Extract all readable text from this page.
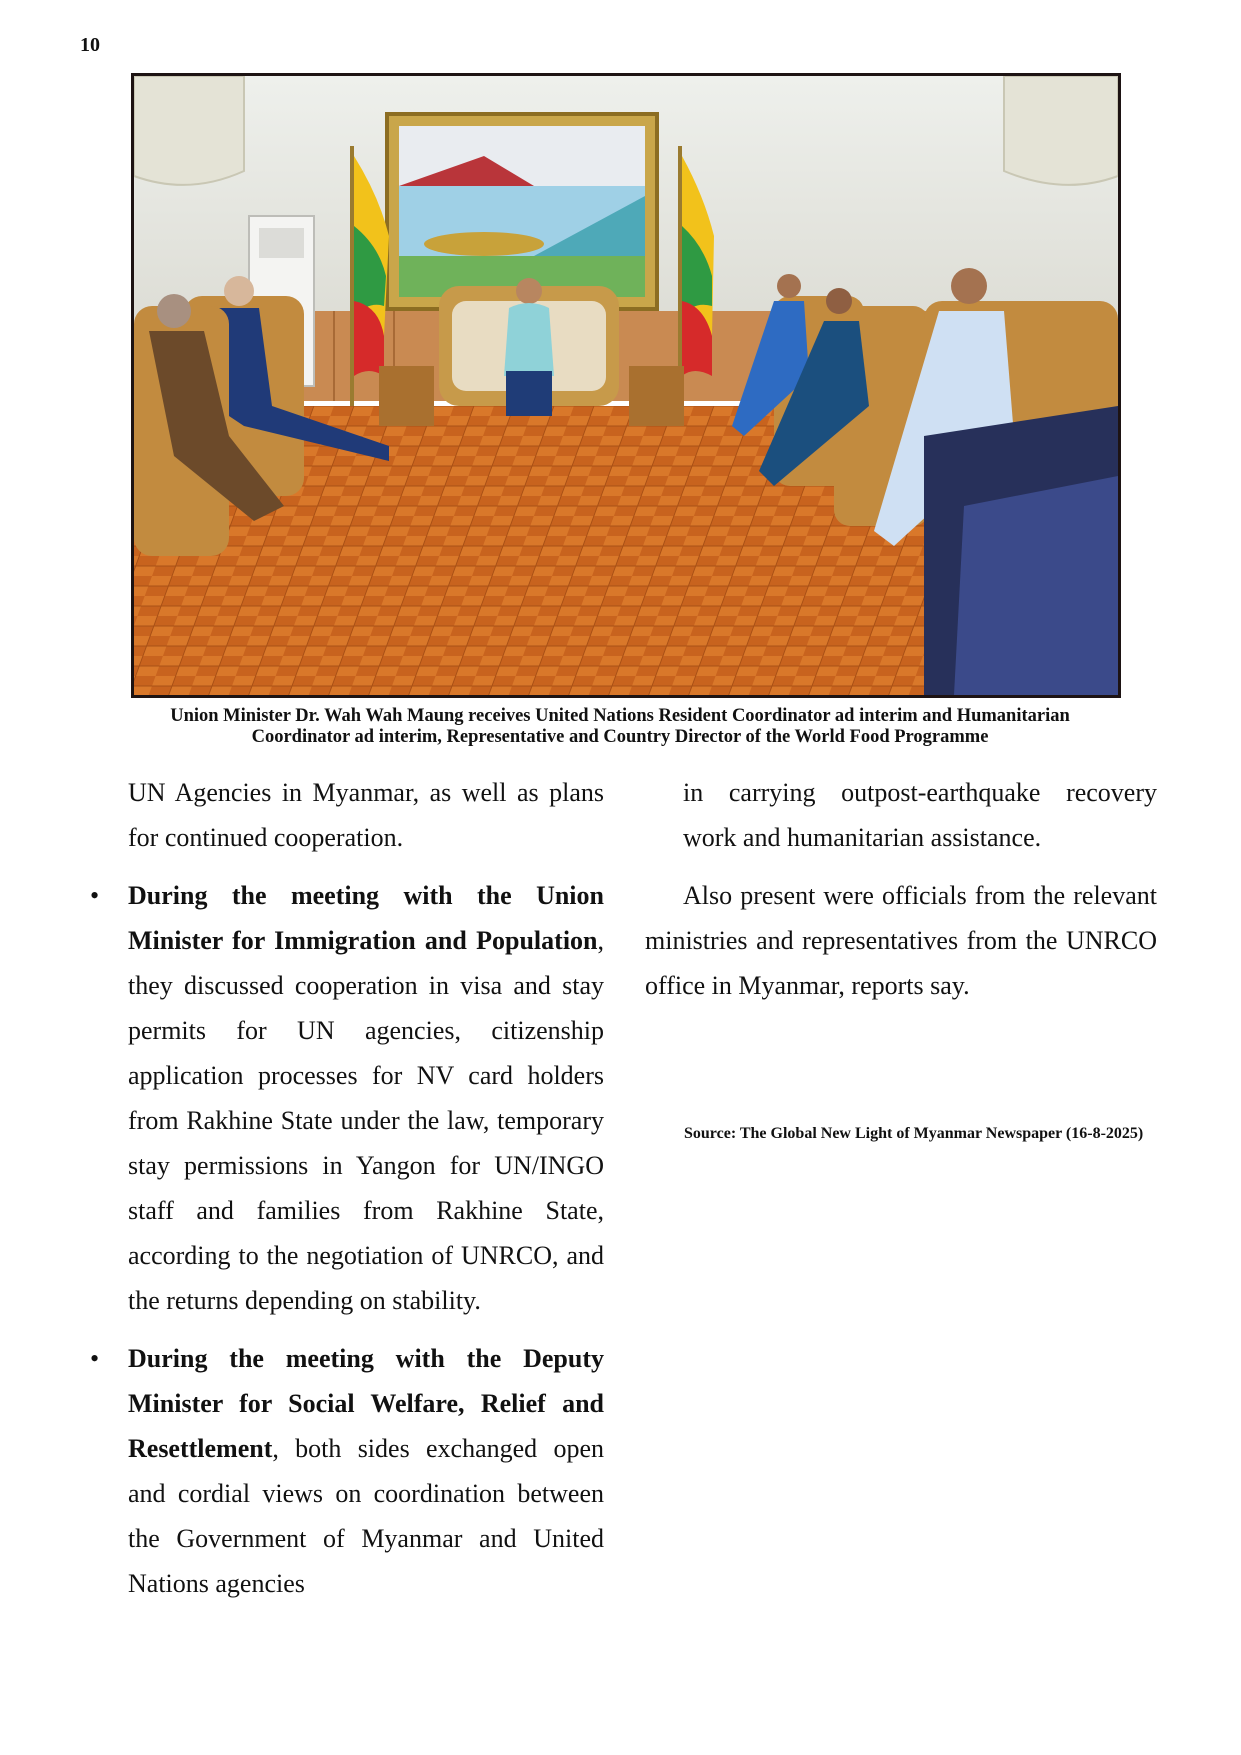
10
Union Minister Dr. Wah Wah Maung receives United Nations Resident Coordinator ad interim and Humanitarian
Coordinator ad interim, Representative and Country Director of the World Food Programme

UN Agencies in Myanmar, as well as plans for continued cooperation.

• During the meeting with the Union Minister for Immigration and Population, they discussed cooperation in visa and stay permits for UN agencies, citizenship application processes for NV card holders from Rakhine State under the law, temporary stay permissions in Yangon for UN/INGO staff and families from Rakhine State, according to the negotiation of UNRCO, and the returns depending on stability.

• During the meeting with the Deputy Minister for Social Welfare, Relief and Resettlement, both sides exchanged open and cordial views on coordination between the Government of Myanmar and United Nations agencies

in carrying outpost-earthquake recovery work and humanitarian assistance.

Also present were officials from the relevant ministries and representatives from the UNRCO office in Myanmar, reports say.

Source: The Global New Light of Myanmar Newspaper (16-8-2025)
